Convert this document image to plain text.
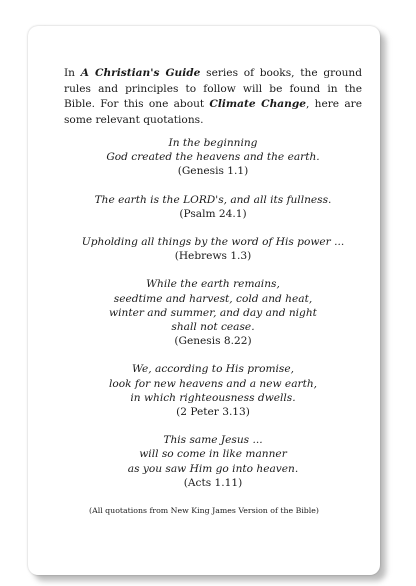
In A Christian's Guide series of books, the ground rules and principles to follow will be found in the Bible. For this one about Climate Change, here are some relevant quotations.

In the beginning
God created the heavens and the earth.
(Genesis 1.1)
The earth is the LORD's, and all its fullness.
(Psalm 24.1)
Upholding all things by the word of His power ...
(Hebrews 1.3)
While the earth remains,
seedtime and harvest, cold and heat,
winter and summer, and day and night
shall not cease.
(Genesis 8.22)
We, according to His promise,
look for new heavens and a new earth,
in which righteousness dwells.
(2 Peter 3.13)
This same Jesus ...
will so come in like manner
as you saw Him go into heaven.
(Acts 1.11)
(All quotations from New King James Version of the Bible)
